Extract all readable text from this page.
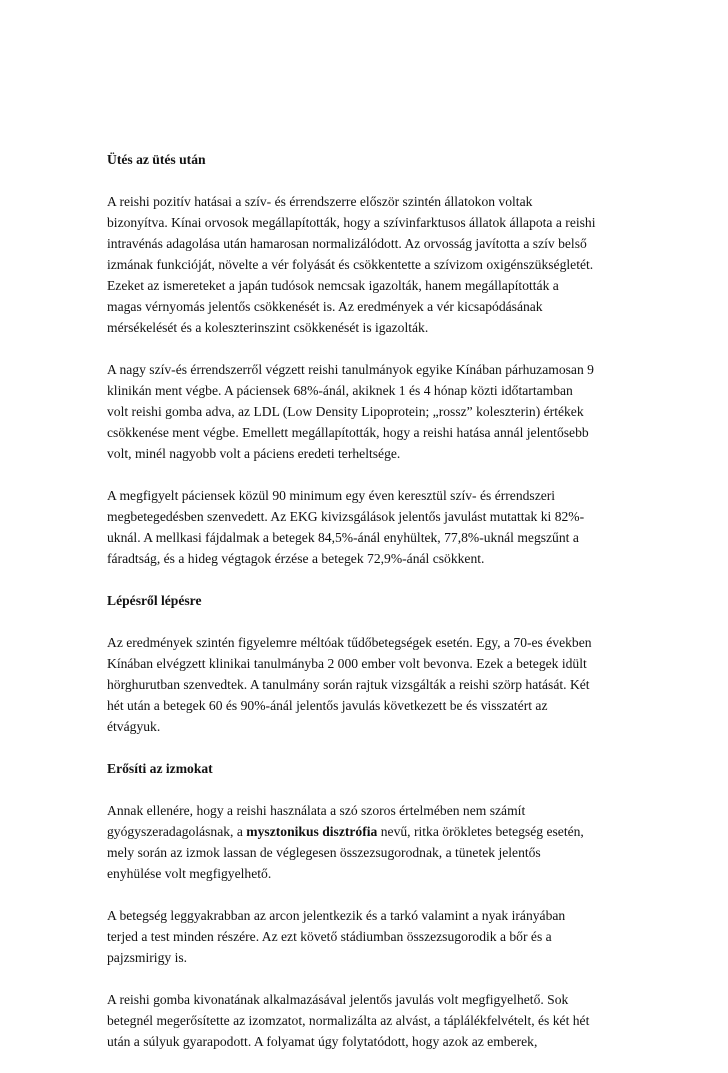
Ütés az ütés után

A reishi pozitív hatásai a szív- és érrendszerre először szintén állatokon voltak
bizonyítva. Kínai orvosok megállapították, hogy a szívinfarktusos állatok állapota a reishi
intravénás adagolása után hamarosan normalizálódott. Az orvosság javította a szív belső
izmának funkcióját, növelte a vér folyását és csökkentette a szívizom oxigénszükségletét.
Ezeket az ismereteket a japán tudósok nemcsak igazolták, hanem megállapították a
magas vérnyomás jelentős csökkenését is. Az eredmények a vér kicsapódásának
mérsékelését és a koleszterinszint csökkenését is igazolták.

A nagy szív-és érrendszerről végzett reishi tanulmányok egyike Kínában párhuzamosan 9
klinikán ment végbe. A páciensek 68%-ánál, akiknek 1 és 4 hónap közti időtartamban
volt reishi gomba adva, az LDL (Low Density Lipoprotein; „rossz” koleszterin) értékek
csökkenése ment végbe. Emellett megállapították, hogy a reishi hatása annál jelentősebb
volt, minél nagyobb volt a páciens eredeti terheltsége.

A megfigyelt páciensek közül 90 minimum egy éven keresztül szív- és érrendszeri
megbetegedésben szenvedett. Az EKG kivizsgálások jelentős javulást mutattak ki 82%-
uknál. A mellkasi fájdalmak a betegek 84,5%-ánál enyhültek, 77,8%-uknál megszűnt a
fáradtság, és a hideg végtagok érzése a betegek 72,9%-ánál csökkent.

Lépésről lépésre

Az eredmények szintén figyelemre méltóak tűdőbetegségek esetén. Egy, a 70-es években
Kínában elvégzett klinikai tanulmányba 2 000 ember volt bevonva. Ezek a betegek idült
hörghurutban szenvedtek. A tanulmány során rajtuk vizsgálták a reishi szörp hatását. Két
hét után a betegek 60 és 90%-ánál jelentős javulás következett be és visszatért az
étvágyuk.

Erősíti az izmokat

Annak ellenére, hogy a reishi használata a szó szoros értelmében nem számít
gyógyszeradagolásnak, a mysztonikus disztrófia nevű, ritka örökletes betegség esetén,
mely során az izmok lassan de véglegesen összezsugorodnak, a tünetek jelentős
enyhülése volt megfigyelhető.

A betegség leggyakrabban az arcon jelentkezik és a tarkó valamint a nyak irányában
terjed a test minden részére. Az ezt követő stádiumban összezsugorodik a bőr és a
pajzsmirigy is.

A reishi gomba kivonatának alkalmazásával jelentős javulás volt megfigyelhető. Sok
betegnél megerősítette az izomzatot, normalizálta az alvást, a táplálékfelvételt, és két hét
után a súlyuk gyarapodott. A folyamat úgy folytatódott, hogy azok az emberek,
